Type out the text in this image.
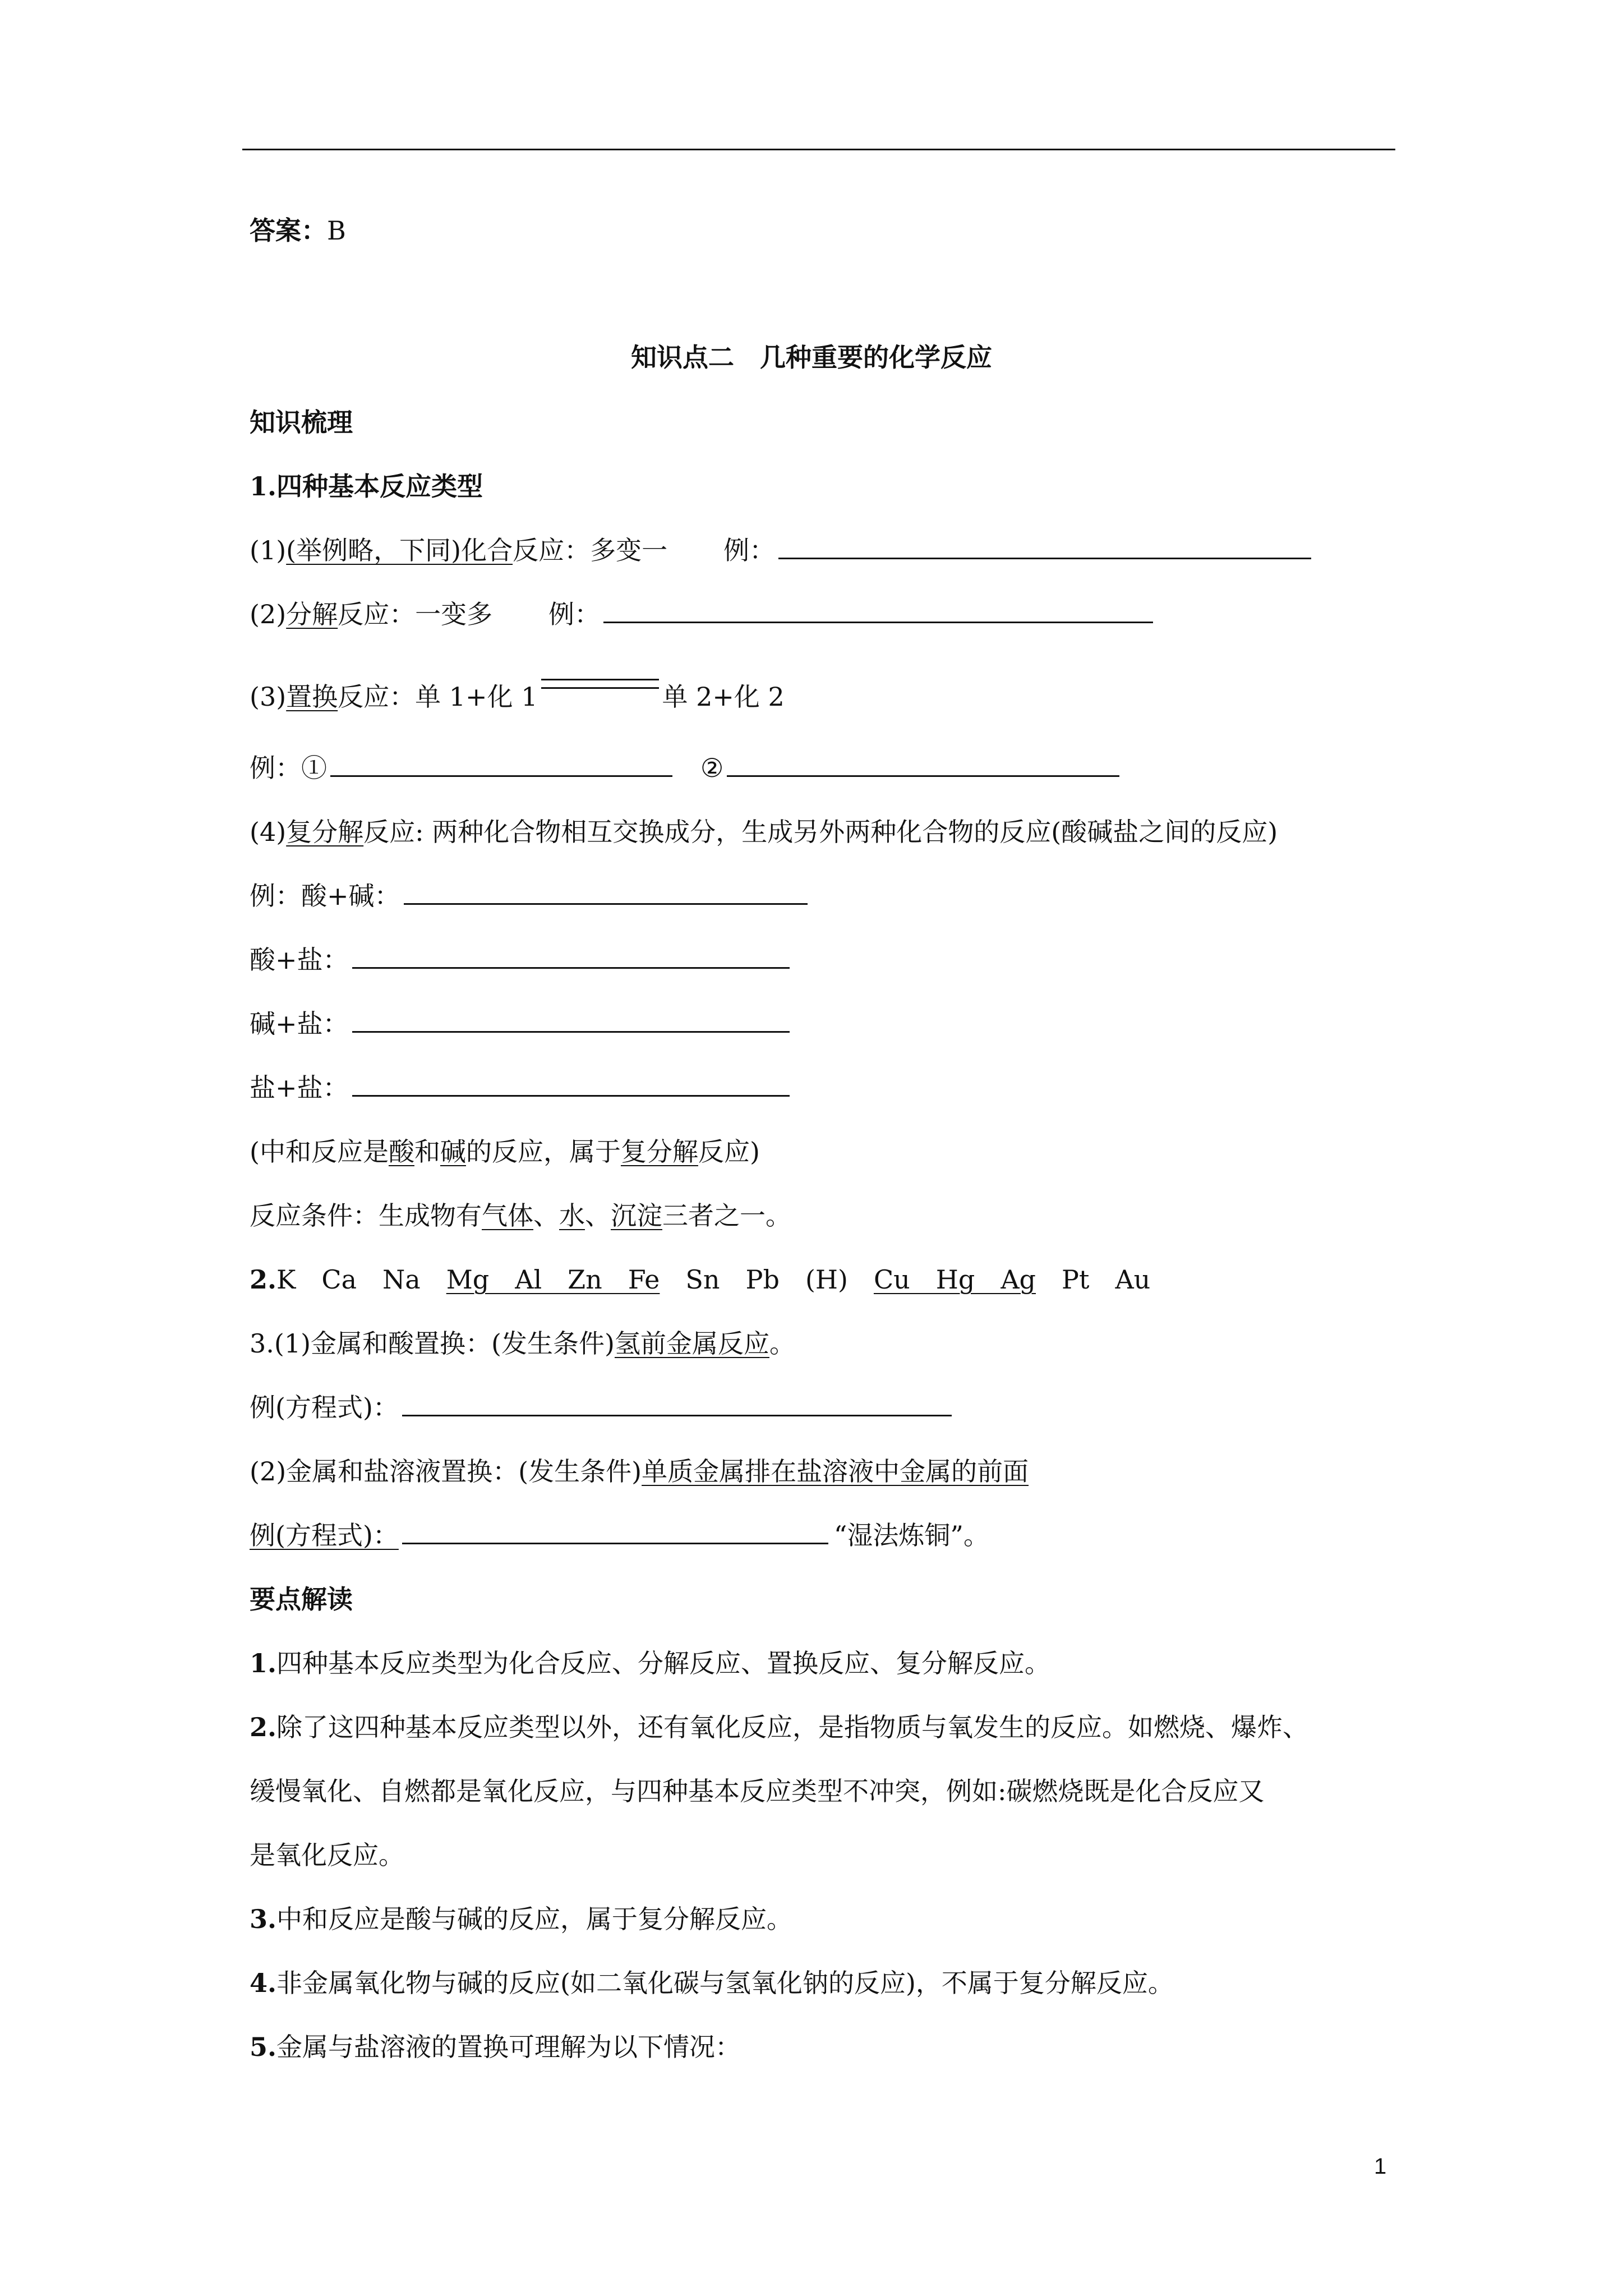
答案：B
知识点二　几种重要的化学反应
知识梳理
1.四种基本反应类型
(1)(举例略，下同)化合反应：多变一 例：
(2)分解反应：一变多 例：
(3)置换反应：单 1+化 1	单 2+化 2
例：①	②
(4)复分解反应: 两种化合物相互交换成分，生成另外两种化合物的反应(酸碱盐之间的反应)
例：酸+碱：
酸+盐：
碱+盐：
盐+盐：
(中和反应是酸和碱的反应，属于复分解反应)
反应条件：生成物有气体、水、沉淀三者之一。
2.K　Ca　Na　Mg　Al　Zn　Fe　Sn　Pb　(H)　Cu　Hg　Ag　Pt　Au
3.(1)金属和酸置换：(发生条件)氢前金属反应。
例(方程式)：
(2)金属和盐溶液置换：(发生条件)单质金属排在盐溶液中金属的前面
例(方程式)：	“湿法炼铜”。
要点解读
1.四种基本反应类型为化合反应、分解反应、置换反应、复分解反应。
2.除了这四种基本反应类型以外，还有氧化反应，是指物质与氧发生的反应。如燃烧、爆炸、
缓慢氧化、自燃都是氧化反应，与四种基本反应类型不冲突，例如:碳燃烧既是化合反应又
是氧化反应。
3.中和反应是酸与碱的反应，属于复分解反应。
4.非金属氧化物与碱的反应(如二氧化碳与氢氧化钠的反应)，不属于复分解反应。
5.金属与盐溶液的置换可理解为以下情况：
1
